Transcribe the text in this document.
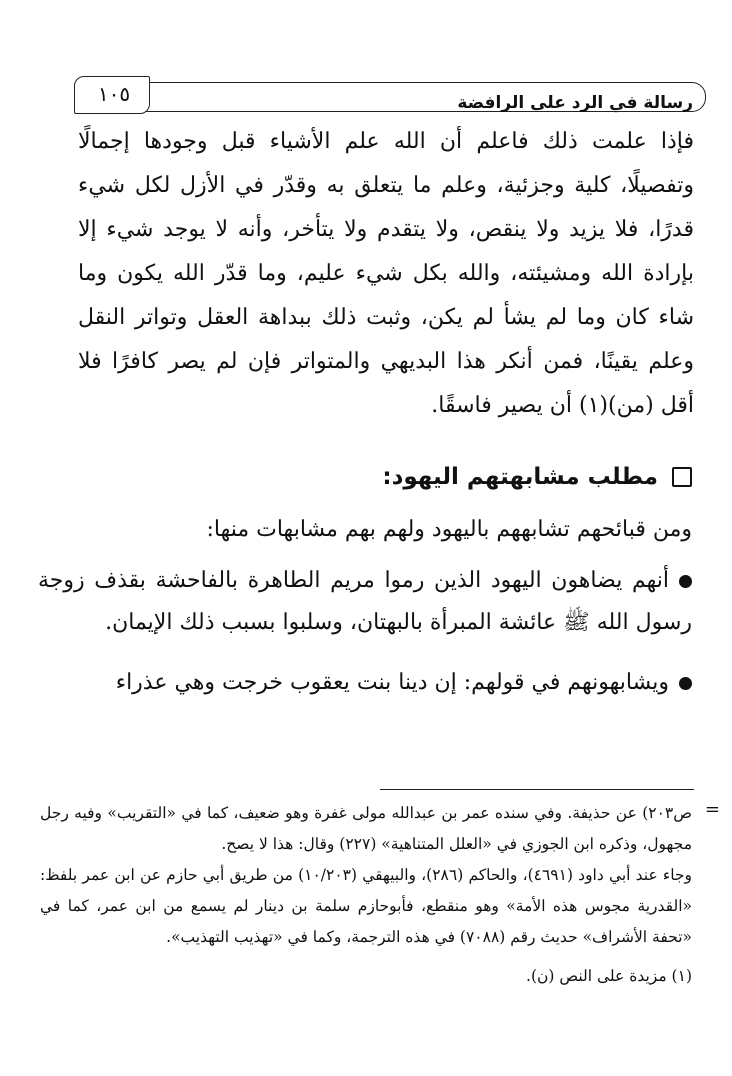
رسالة في الرد على الرافضة
١٠٥

فإذا علمت ذلك فاعلم أن الله علم الأشياء قبل وجودها إجمالًا وتفصيلًا، كلية وجزئية، وعلم ما يتعلق به وقدّر في الأزل لكل شيء قدرًا، فلا يزيد ولا ينقص، ولا يتقدم ولا يتأخر، وأنه لا يوجد شيء إلا بإرادة الله ومشيئته، والله بكل شيء عليم، وما قدّر الله يكون وما شاء كان وما لم يشأ لم يكن، وثبت ذلك ببداهة العقل وتواتر النقل وعلم يقينًا، فمن أنكر هذا البديهي والمتواتر فإن لم يصر كافرًا فلا أقل (من)(١) أن يصير فاسقًا.

مطلب مشابهتهم اليهود:
ومن قبائحهم تشابههم باليهود ولهم بهم مشابهات منها:

أنهم يضاهون اليهود الذين رموا مريم الطاهرة بالفاحشة بقذف زوجة رسول الله ﷺ عائشة المبرأة بالبهتان، وسلبوا بسبب ذلك الإيمان.

ويشابهونهم في قولهم: إن دينا بنت يعقوب خرجت وهي عذراء

=

ص٢٠٣) عن حذيفة. وفي سنده عمر بن عبدالله مولى غفرة وهو ضعيف، كما في «التقريب» وفيه رجل مجهول، وذكره ابن الجوزي في «العلل المتناهية» (٢٢٧) وقال: هذا لا يصح.

وجاء عند أبي داود (٤٦٩١)، والحاكم (٢٨٦)، والبيهقي (١٠/٢٠٣) من طريق أبي حازم عن ابن عمر بلفظ: «القدرية مجوس هذه الأمة» وهو منقطع، فأبوحازم سلمة بن دينار لم يسمع من ابن عمر، كما في «تحفة الأشراف» حديث رقم (٧٠٨٨) في هذه الترجمة، وكما في «تهذيب التهذيب».

(١) مزيدة على النص (ن).
